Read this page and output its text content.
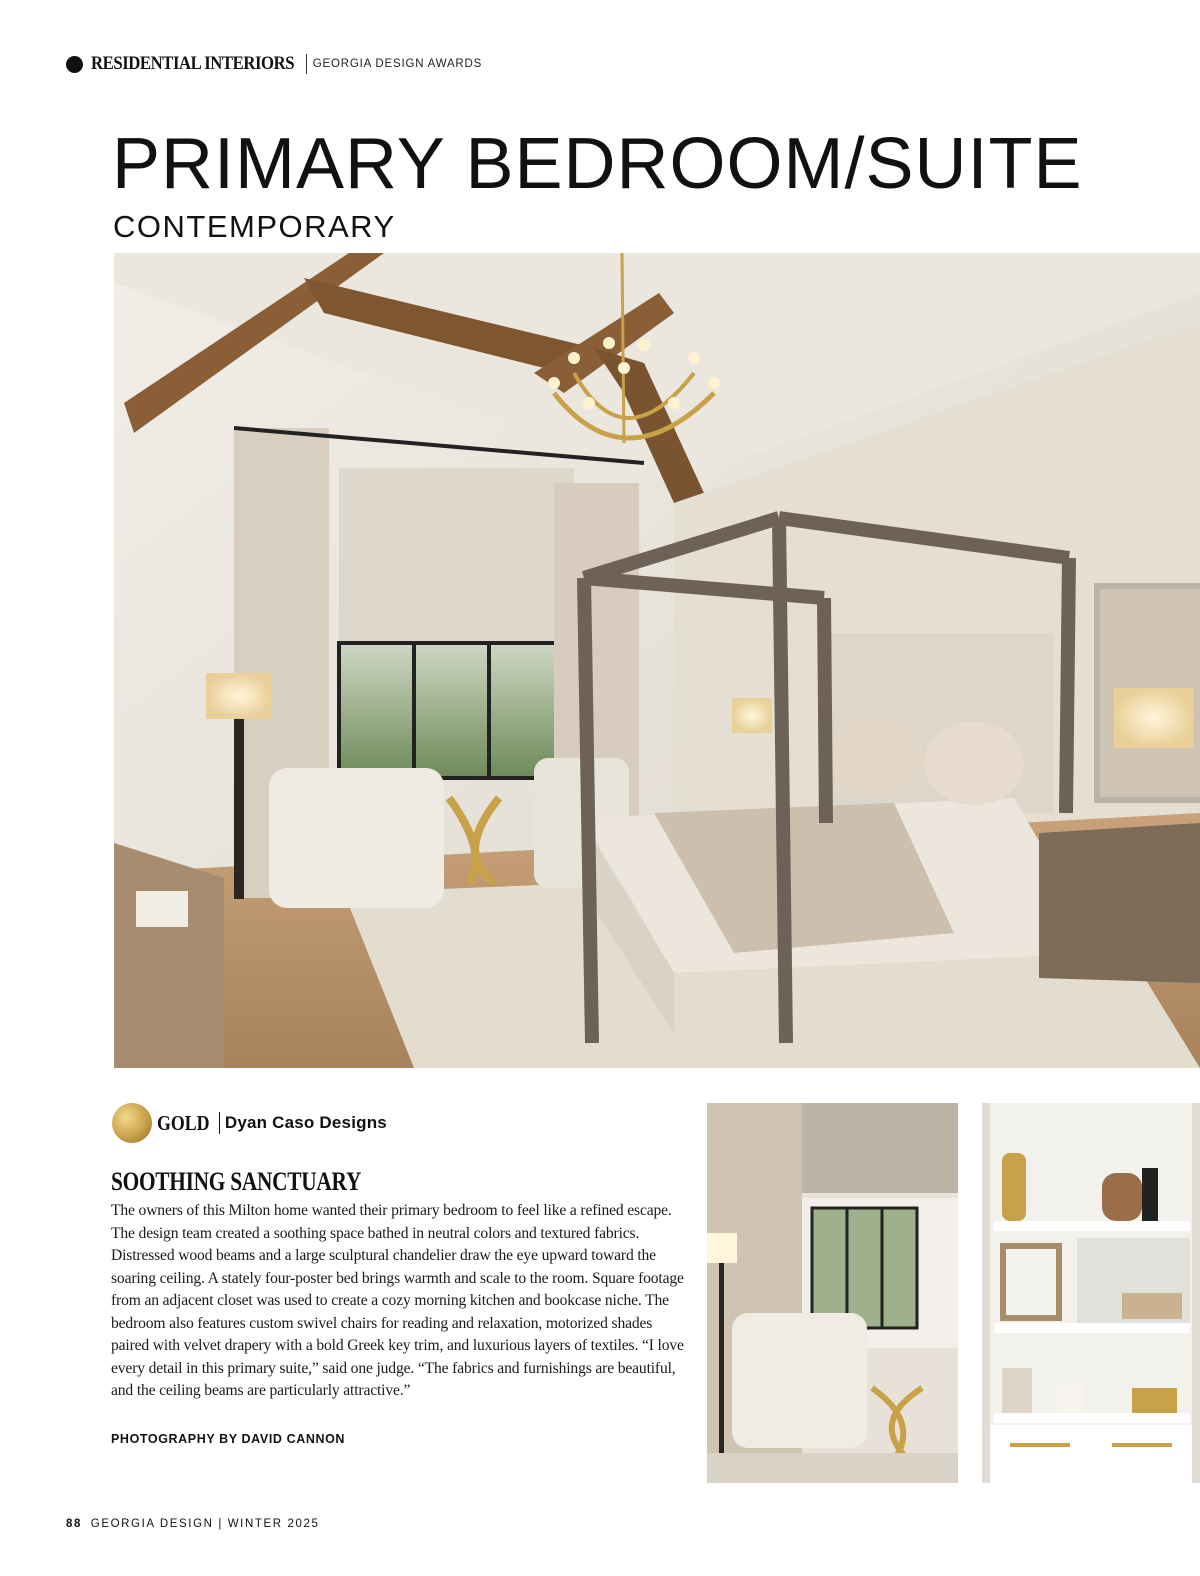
RESIDENTIAL INTERIORS GEORGIA DESIGN AWARDS
PRIMARY BEDROOM/SUITE
CONTEMPORARY
GOLD Dyan Caso Designs
SOOTHING SANCTUARY

The owners of this Milton home wanted their primary bedroom to feel like a refined escape. The design team created a soothing space bathed in neutral colors and textured fabrics. Distressed wood beams and a large sculptural chandelier draw the eye upward toward the soaring ceiling. A stately four-poster bed brings warmth and scale to the room. Square footage from an adjacent closet was used to create a cozy morning kitchen and bookcase niche. The bedroom also features custom swivel chairs for reading and relaxation, motorized shades paired with velvet drapery with a bold Greek key trim, and luxurious layers of textiles. “I love every detail in this primary suite,” said one judge. “The fabrics and furnishings are beautiful, and the ceiling beams are particularly attractive.”

PHOTOGRAPHY BY DAVID CANNON
88 GEORGIA DESIGN | WINTER 2025
